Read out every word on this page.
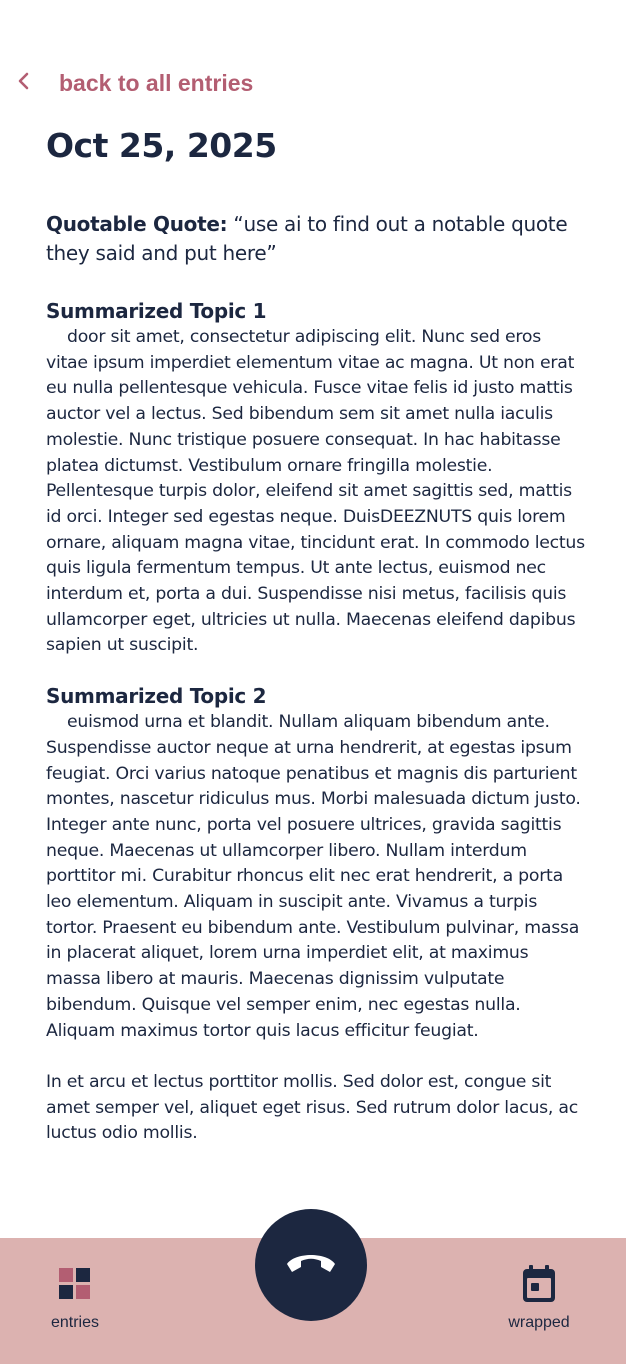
back to all entries
Oct 25, 2025

Quotable Quote: “use ai to find out a notable quote they said and put here”

Summarized Topic 1

door sit amet, consectetur adipiscing elit. Nunc sed eros vitae ipsum imperdiet elementum vitae ac magna. Ut non erat eu nulla pellentesque vehicula. Fusce vitae felis id justo mattis auctor vel a lectus. Sed bibendum sem sit amet nulla iaculis molestie. Nunc tristique posuere consequat. In hac habitasse platea dictumst. Vestibulum ornare fringilla molestie. Pellentesque turpis dolor, eleifend sit amet sagittis sed, mattis id orci. Integer sed egestas neque. DuisDEEZNUTS quis lorem ornare, aliquam magna vitae, tincidunt erat. In commodo lectus quis ligula fermentum tempus. Ut ante lectus, euismod nec interdum et, porta a dui. Suspendisse nisi metus, facilisis quis ullamcorper eget, ultricies ut nulla. Maecenas eleifend dapibus sapien ut suscipit.

Summarized Topic 2

euismod urna et blandit. Nullam aliquam bibendum ante. Suspendisse auctor neque at urna hendrerit, at egestas ipsum feugiat. Orci varius natoque penatibus et magnis dis parturient montes, nascetur ridiculus mus. Morbi malesuada dictum justo. Integer ante nunc, porta vel posuere ultrices, gravida sagittis neque. Maecenas ut ullamcorper libero. Nullam interdum porttitor mi. Curabitur rhoncus elit nec erat hendrerit, a porta leo elementum. Aliquam in suscipit ante. Vivamus a turpis tortor. Praesent eu bibendum ante. Vestibulum pulvinar, massa in placerat aliquet, lorem urna imperdiet elit, at maximus massa libero at mauris. Maecenas dignissim vulputate bibendum. Quisque vel semper enim, nec egestas nulla. Aliquam maximus tortor quis lacus efficitur feugiat.

In et arcu et lectus porttitor mollis. Sed dolor est, congue sit amet semper vel, aliquet eget risus. Sed rutrum dolor lacus, ac luctus odio mollis.
entries	wrapped
